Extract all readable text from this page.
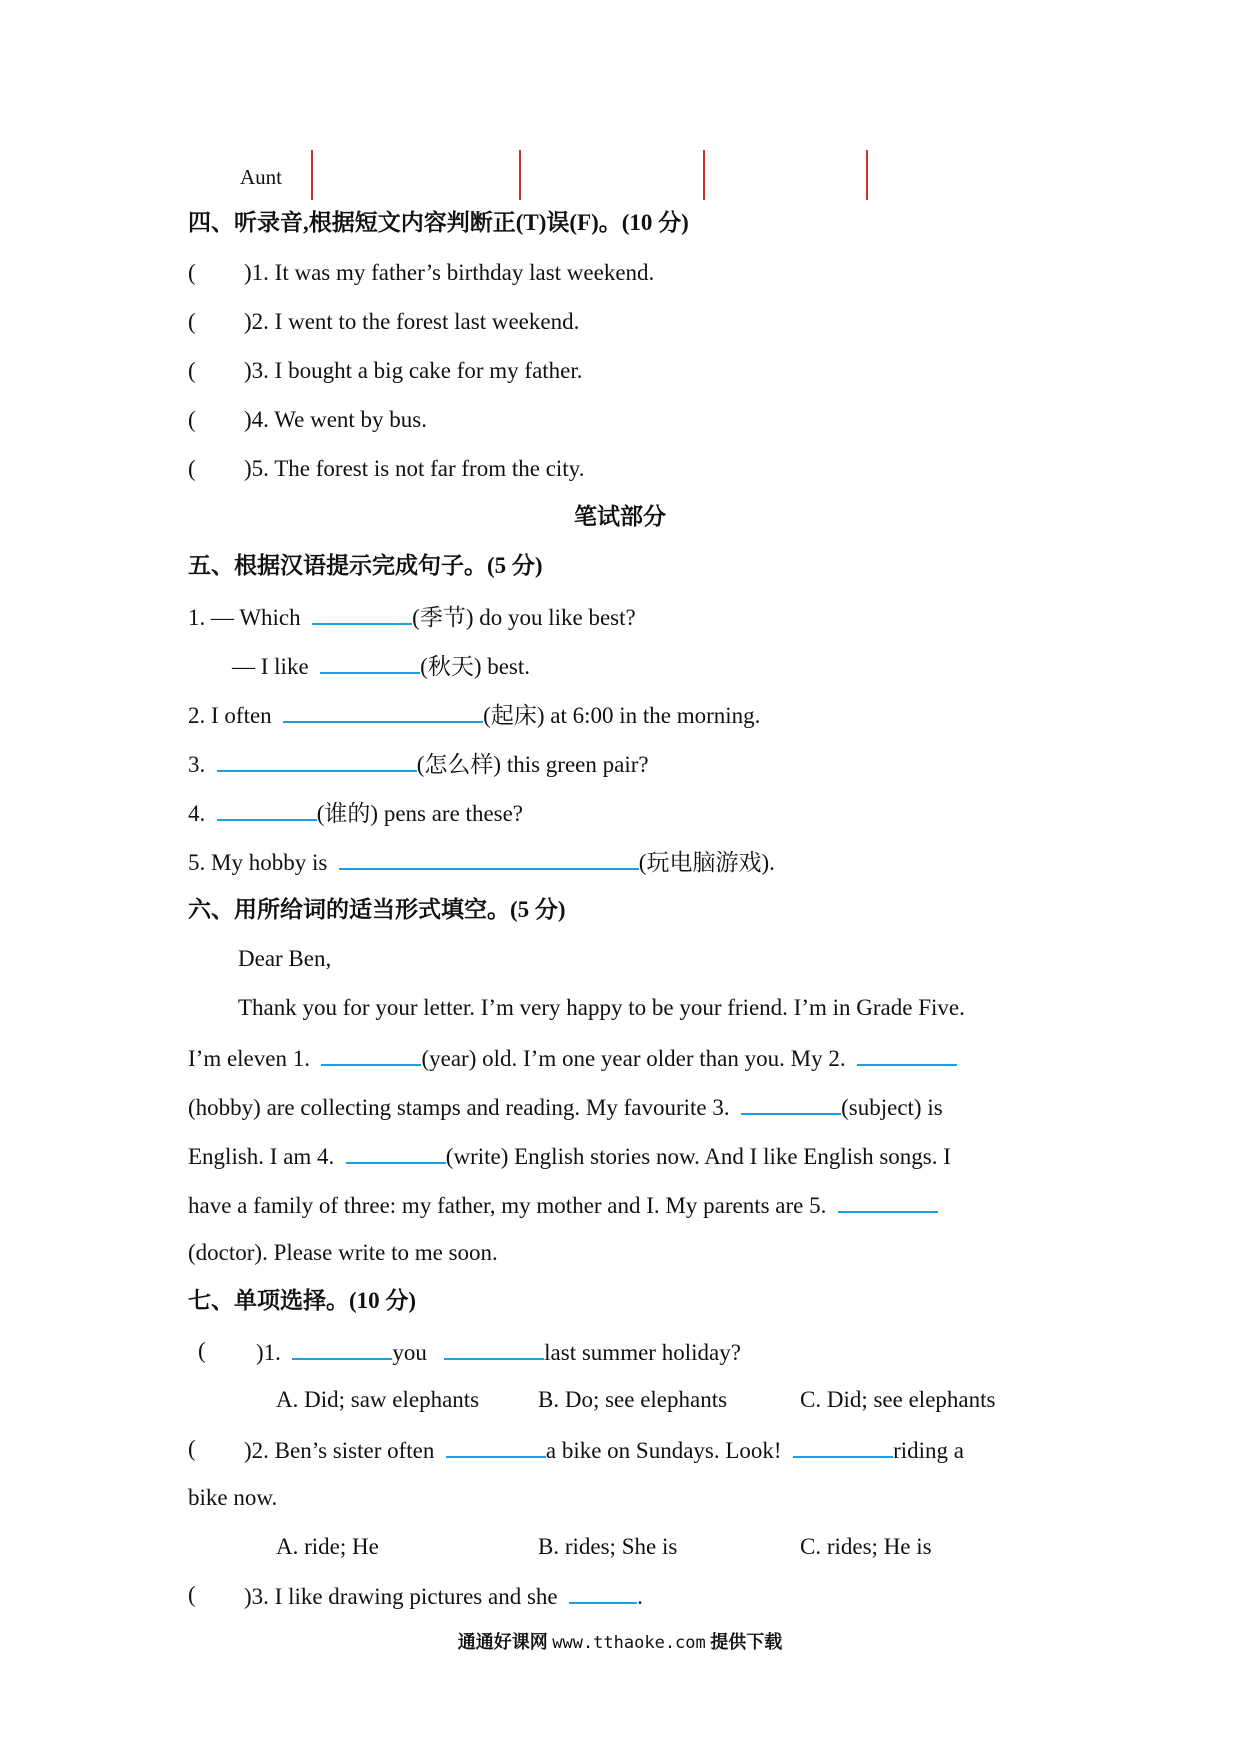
Aunt
四、听录音,根据短文内容判断正(T)误(F)。(10 分)
( )1. It was my father’s birthday last weekend.
( )2. I went to the forest last weekend.
( )3. I bought a big cake for my father.
( )4. We went by bus.
( )5. The forest is not far from the city.
笔试部分
五、根据汉语提示完成句子。(5 分)
1. — Which	(季节) do you like best?
— I like	(秋天) best.
2. I often	(起床) at 6:00 in the morning.
3.	(怎么样) this green pair?
4.	(谁的) pens are these?
5. My hobby is	(玩电脑游戏).
六、用所给词的适当形式填空。(5 分)
Dear Ben,
Thank you for your letter. I’m very happy to be your friend. I’m in Grade Five.
I’m eleven 1.	(year) old. I’m one year older than you. My 2.
(hobby) are collecting stamps and reading. My favourite 3.	(subject) is
English. I am 4.	(write) English stories now. And I like English songs. I
have a family of three: my father, my mother and I. My parents are 5.
(doctor). Please write to me soon.
七、单项选择。(10 分)
( )1.	you	last summer holiday?
A. Did; saw elephants	B. Do; see elephants	C. Did; see elephants
( )2. Ben’s sister often	a bike on Sundays. Look!	riding a
bike now.
A. ride; He	B. rides; She is	C. rides; He is
( )3. I like drawing pictures and she	.
通通好课网 www.tthaoke.com 提供下载
